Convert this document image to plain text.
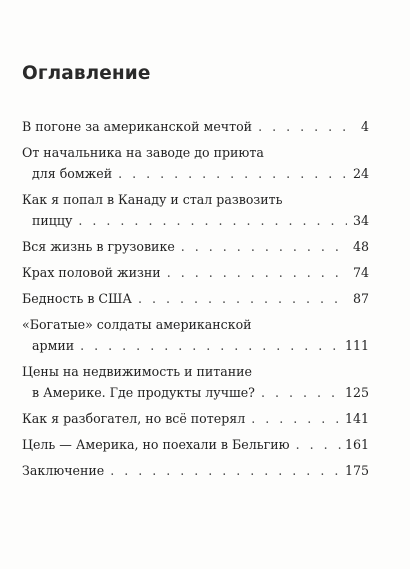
Оглавление
В погоне за американской мечтой . . .	4
От начальника на заводе до приюта
для бомжей . . .	24
Как я попал в Канаду и стал развозить
пиццу . . .	34
Вся жизнь в грузовике . . .	48
Крах половой жизни . . .	74
Бедность в США . . .	87
«Богатые» солдаты американской
армии . . .	111
Цены на недвижимость и питание
в Америке. Где продукты лучше? . . .	125
Как я разбогател, но всё потерял . . .	141
Цель — Америка, но поехали в Бельгию . . .	161
Заключение . . .	175
